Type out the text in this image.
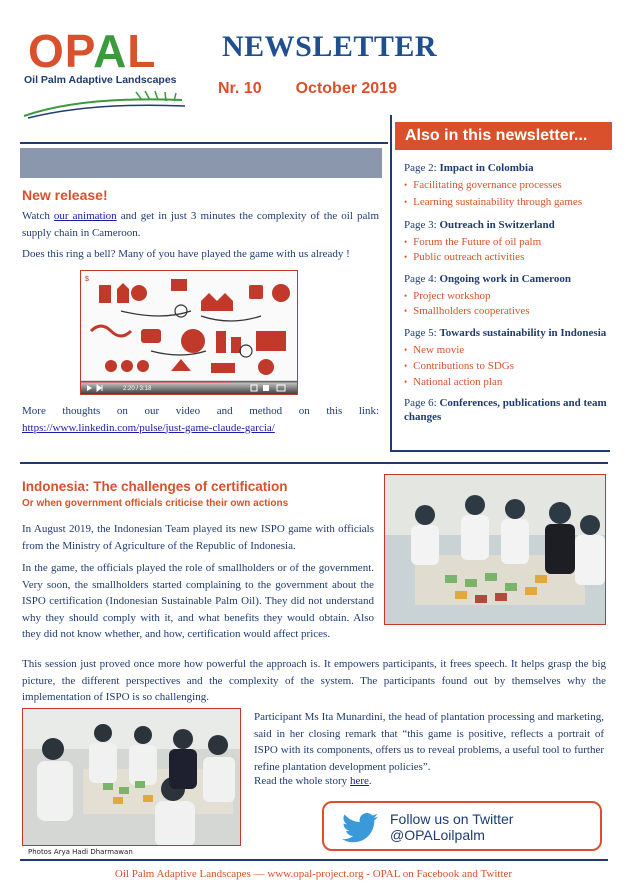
OPAL
Oil Palm Adaptive Landscapes
NEWSLETTER
Nr. 10 October 2019
New release!
Watch our animation and get in just 3 minutes the complexity of the oil palm supply chain in Cameroon.
Does this ring a bell? Many of you have played the game with us already !
$
2:20 / 3:18
More thoughts on our video and method on this link: https://www.linkedin.com/pulse/just-game-claude-garcia/
Also in this newsletter...
Page 2: Impact in Colombia
• Facilitating governance processes
• Learning sustainability through games
Page 3: Outreach in Switzerland
• Forum the Future of oil palm
• Public outreach activities
Page 4: Ongoing work in Cameroon
• Project workshop
• Smallholders cooperatives
Page 5: Towards sustainability in Indonesia
• New movie
• Contributions to SDGs
• National action plan
Page 6: Conferences, publications and team changes
Indonesia: The challenges of certification
Or when government officials criticise their own actions
In August 2019, the Indonesian Team played its new ISPO game with officials from the Ministry of Agriculture of the Republic of Indonesia.
In the game, the officials played the role of smallholders or of the government. Very soon, the smallholders started complaining to the government about the ISPO certification (Indonesian Sustainable Palm Oil). They did not understand why they should comply with it, and what benefits they would obtain. Also they did not know whether, and how, certification would affect prices.
This session just proved once more how powerful the approach is. It empowers participants, it frees speech. It helps grasp the big picture, the different perspectives and the complexity of the system. The participants found out by themselves why the implementation of ISPO is so challenging.
Participant Ms Ita Munardini, the head of plantation processing and marketing, said in her closing remark that “this game is positive, reflects a portrait of ISPO with its components, offers us to reveal problems, a useful tool to further refine plantation development policies”.
Read the whole story here.
Follow us on Twitter
@OPALoilpalm
Photos Arya Hadi Dharmawan
Oil Palm Adaptive Landscapes — www.opal-project.org - OPAL on Facebook and Twitter
